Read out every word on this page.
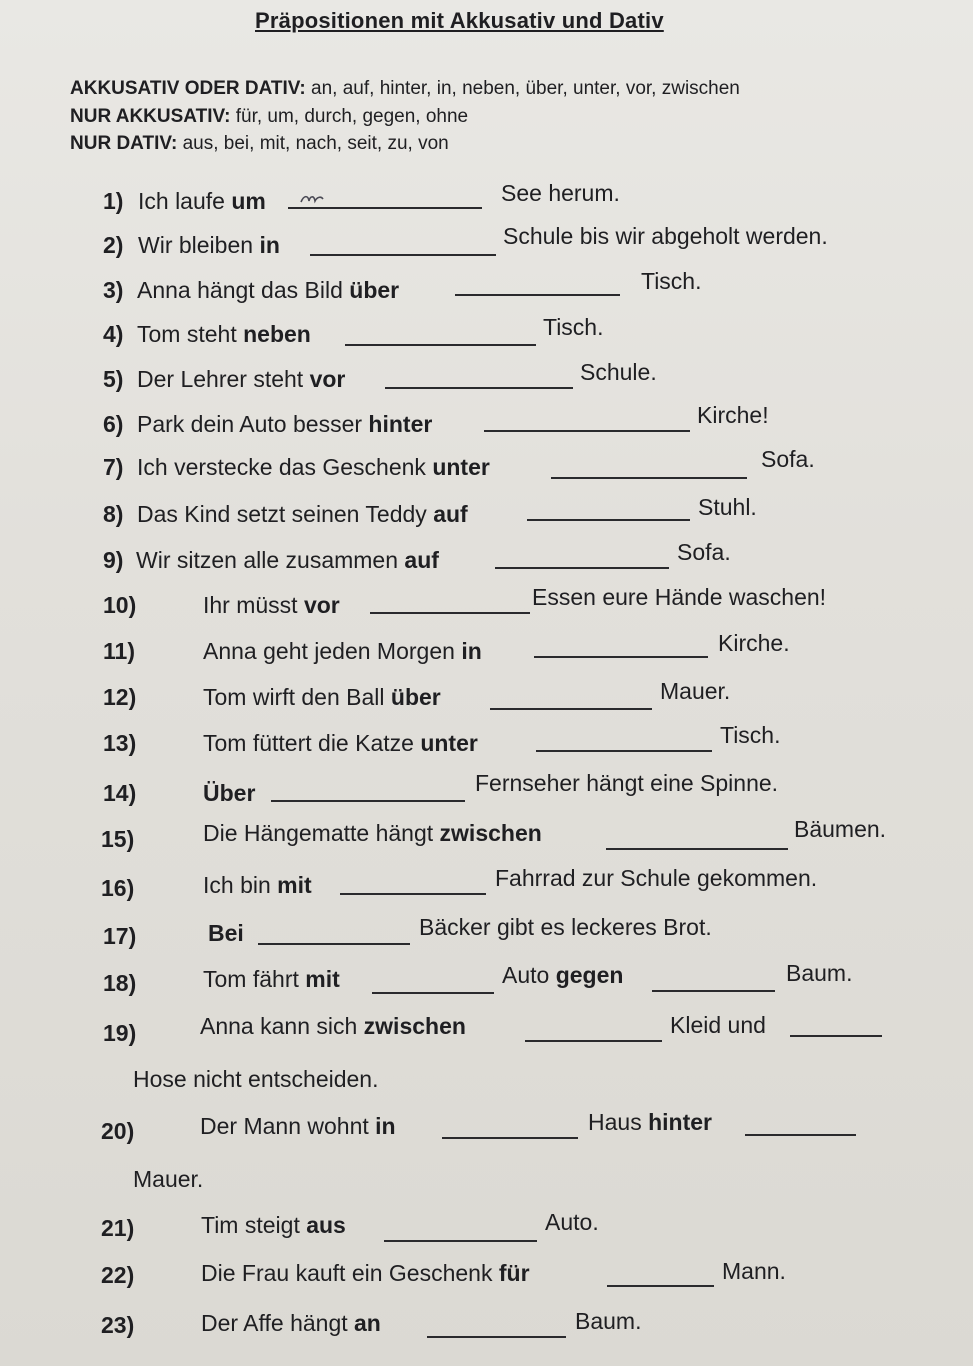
Präpositionen mit Akkusativ und Dativ
AKKUSATIV ODER DATIV: an, auf, hinter, in, neben, über, unter, vor, zwischen
NUR AKKUSATIV: für, um, durch, gegen, ohne
NUR DATIV: aus, bei, mit, nach, seit, zu, von
1) Ich laufe um	See herum.
2) Wir bleiben in	Schule bis wir abgeholt werden.
3) Anna hängt das Bild über	Tisch.
4) Tom steht neben	Tisch.
5) Der Lehrer steht vor	Schule.
6) Park dein Auto besser hinter	Kirche!
7) Ich verstecke das Geschenk unter	Sofa.
8) Das Kind setzt seinen Teddy auf	Stuhl.
9) Wir sitzen alle zusammen auf	Sofa.
10)	Ihr müsst vor	Essen eure Hände waschen!
11)	Anna geht jeden Morgen in	Kirche.
12)	Tom wirft den Ball über	Mauer.
13)	Tom füttert die Katze unter	Tisch.
14)	Über	Fernseher hängt eine Spinne.
15)	Die Hängematte hängt zwischen	Bäumen.
16)	Ich bin mit	Fahrrad zur Schule gekommen.
17)	Bei	Bäcker gibt es leckeres Brot.
18)	Tom fährt mit	Auto gegen	Baum.
19)	Anna kann sich zwischen	Kleid und
Hose nicht entscheiden.
20)	Der Mann wohnt in	Haus hinter
Mauer.
21)	Tim steigt aus	Auto.
22)	Die Frau kauft ein Geschenk für	Mann.
23)	Der Affe hängt an	Baum.
